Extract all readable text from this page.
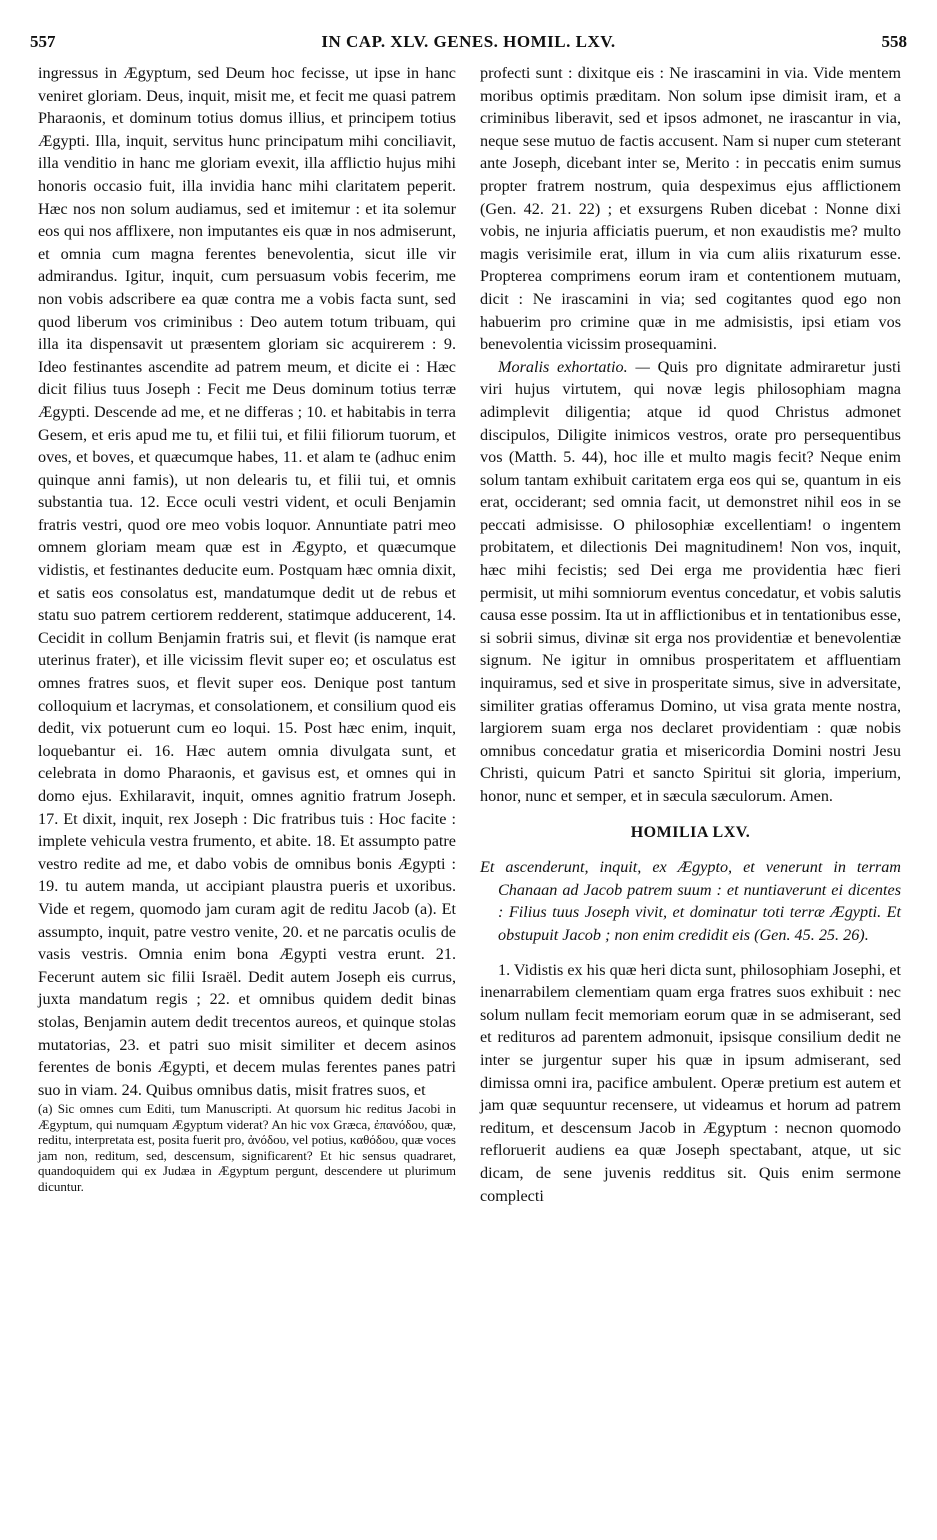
557	IN CAP. XLV. GENES. HOMIL. LXV.	558

ingressus in Ægyptum, sed Deum hoc fecisse, ut ipse in hanc veniret gloriam. Deus, inquit, misit me, et fecit me quasi patrem Pharaonis, et dominum totius domus illius, et principem totius Ægypti. Illa, inquit, servitus hunc principatum mihi conciliavit, illa venditio in hanc me gloriam evexit, illa afflictio hujus mihi honoris occasio fuit, illa invidia hanc mihi claritatem peperit. Hæc nos non solum audiamus, sed et imitemur : et ita solemur eos qui nos afflixere, non imputantes eis quæ in nos admiserunt, et omnia cum magna ferentes benevolentia, sicut ille vir admirandus. Igitur, inquit, cum persuasum vobis fecerim, me non vobis adscribere ea quæ contra me a vobis facta sunt, sed quod liberum vos criminibus : Deo autem totum tribuam, qui illa ita dispensavit ut præsentem gloriam sic acquirerem : 9. Ideo festinantes ascendite ad patrem meum, et dicite ei : Hæc dicit filius tuus Joseph : Fecit me Deus dominum totius terræ Ægypti. Descende ad me, et ne differas ; 10. et habitabis in terra Gesem, et eris apud me tu, et filii tui, et filii filiorum tuorum, et oves, et boves, et quæcumque habes, 11. et alam te (adhuc enim quinque anni famis), ut non delearis tu, et filii tui, et omnis substantia tua. 12. Ecce oculi vestri vident, et oculi Benjamin fratris vestri, quod ore meo vobis loquor. Annuntiate patri meo omnem gloriam meam quæ est in Ægypto, et quæcumque vidistis, et festinantes deducite eum. Postquam hæc omnia dixit, et satis eos consolatus est, mandatumque dedit ut de rebus et statu suo patrem certiorem redderent, statimque adducerent, 14. Cecidit in collum Benjamin fratris sui, et flevit (is namque erat uterinus frater), et ille vicissim flevit super eo; et osculatus est omnes fratres suos, et flevit super eos. Denique post tantum colloquium et lacrymas, et consolationem, et consilium quod eis dedit, vix potuerunt cum eo loqui. 15. Post hæc enim, inquit, loquebantur ei. 16. Hæc autem omnia divulgata sunt, et celebrata in domo Pharaonis, et gavisus est, et omnes qui in domo ejus. Exhilaravit, inquit, omnes agnitio fratrum Joseph. 17. Et dixit, inquit, rex Joseph : Dic fratribus tuis : Hoc facite : implete vehicula vestra frumento, et abite. 18. Et assumpto patre vestro redite ad me, et dabo vobis de omnibus bonis Ægypti : 19. tu autem manda, ut accipiant plaustra pueris et uxoribus. Vide et regem, quomodo jam curam agit de reditu Jacob (a). Et assumpto, inquit, patre vestro venite, 20. et ne parcatis oculis de vasis vestris. Omnia enim bona Ægypti vestra erunt. 21. Fecerunt autem sic filii Israël. Dedit autem Joseph eis currus, juxta mandatum regis ; 22. et omnibus quidem dedit binas stolas, Benjamin autem dedit trecentos aureos, et quinque stolas mutatorias, 23. et patri suo misit similiter et decem asinos ferentes de bonis Ægypti, et decem mulas ferentes panes patri suo in viam. 24. Quibus omnibus datis, misit fratres suos, et

(a) Sic omnes cum Editi, tum Manuscripti. At quorsum hic reditus Jacobi in Ægyptum, qui numquam Ægyptum viderat? An hic vox Græca, ἐπανόδου, quæ, reditu, interpretata est, posita fuerit pro, ἀνόδου, vel potius, καθόδου, quæ voces jam non, reditum, sed, descensum, significarent? Et hic sensus quadraret, quandoquidem qui ex Judæa in Ægyptum pergunt, descendere ut plurimum dicuntur.

profecti sunt : dixitque eis : Ne irascamini in via. Vide mentem moribus optimis præditam. Non solum ipse dimisit iram, et a criminibus liberavit, sed et ipsos admonet, ne irascantur in via, neque sese mutuo de factis accusent. Nam si nuper cum steterant ante Joseph, dicebant inter se, Merito : in peccatis enim sumus propter fratrem nostrum, quia despeximus ejus afflictionem (Gen. 42. 21. 22) ; et exsurgens Ruben dicebat : Nonne dixi vobis, ne injuria afficiatis puerum, et non exaudistis me? multo magis verisimile erat, illum in via cum aliis rixaturum esse. Propterea comprimens eorum iram et contentionem mutuam, dicit : Ne irascamini in via; sed cogitantes quod ego non habuerim pro crimine quæ in me admisistis, ipsi etiam vos benevolentia vicissim prosequamini.

Moralis exhortatio. — Quis pro dignitate admiraretur justi viri hujus virtutem, qui novæ legis philosophiam magna adimplevit diligentia; atque id quod Christus admonet discipulos, Diligite inimicos vestros, orate pro persequentibus vos (Matth. 5. 44), hoc ille et multo magis fecit? Neque enim solum tantam exhibuit caritatem erga eos qui se, quantum in eis erat, occiderant; sed omnia facit, ut demonstret nihil eos in se peccati admisisse. O philosophiæ excellentiam! o ingentem probitatem, et dilectionis Dei magnitudinem! Non vos, inquit, hæc mihi fecistis; sed Dei erga me providentia hæc fieri permisit, ut mihi somniorum eventus concedatur, et vobis salutis causa esse possim. Ita ut in afflictionibus et in tentationibus esse, si sobrii simus, divinæ sit erga nos providentiæ et benevolentiæ signum. Ne igitur in omnibus prosperitatem et affluentiam inquiramus, sed et sive in prosperitate simus, sive in adversitate, similiter gratias offeramus Domino, ut visa grata mente nostra, largiorem suam erga nos declaret providentiam : quæ nobis omnibus concedatur gratia et misericordia Domini nostri Jesu Christi, quicum Patri et sancto Spiritui sit gloria, imperium, honor, nunc et semper, et in sæcula sæculorum. Amen.

HOMILIA LXV.

Et ascenderunt, inquit, ex Ægypto, et venerunt in terram Chanaan ad Jacob patrem suum : et nuntiaverunt ei dicentes : Filius tuus Joseph vivit, et dominatur toti terræ Ægypti. Et obstupuit Jacob ; non enim credidit eis (Gen. 45. 25. 26).

1. Vidistis ex his quæ heri dicta sunt, philosophiam Josephi, et inenarrabilem clementiam quam erga fratres suos exhibuit : nec solum nullam fecit memoriam eorum quæ in se admiserant, sed et redituros ad parentem admonuit, ipsisque consilium dedit ne inter se jurgentur super his quæ in ipsum admiserant, sed dimissa omni ira, pacifice ambulent. Operæ pretium est autem et jam quæ sequuntur recensere, ut videamus et horum ad patrem reditum, et descensum Jacob in Ægyptum : necnon quomodo refloruerit audiens ea quæ Joseph spectabant, atque, ut sic dicam, de sene juvenis redditus sit. Quis enim sermone complecti
